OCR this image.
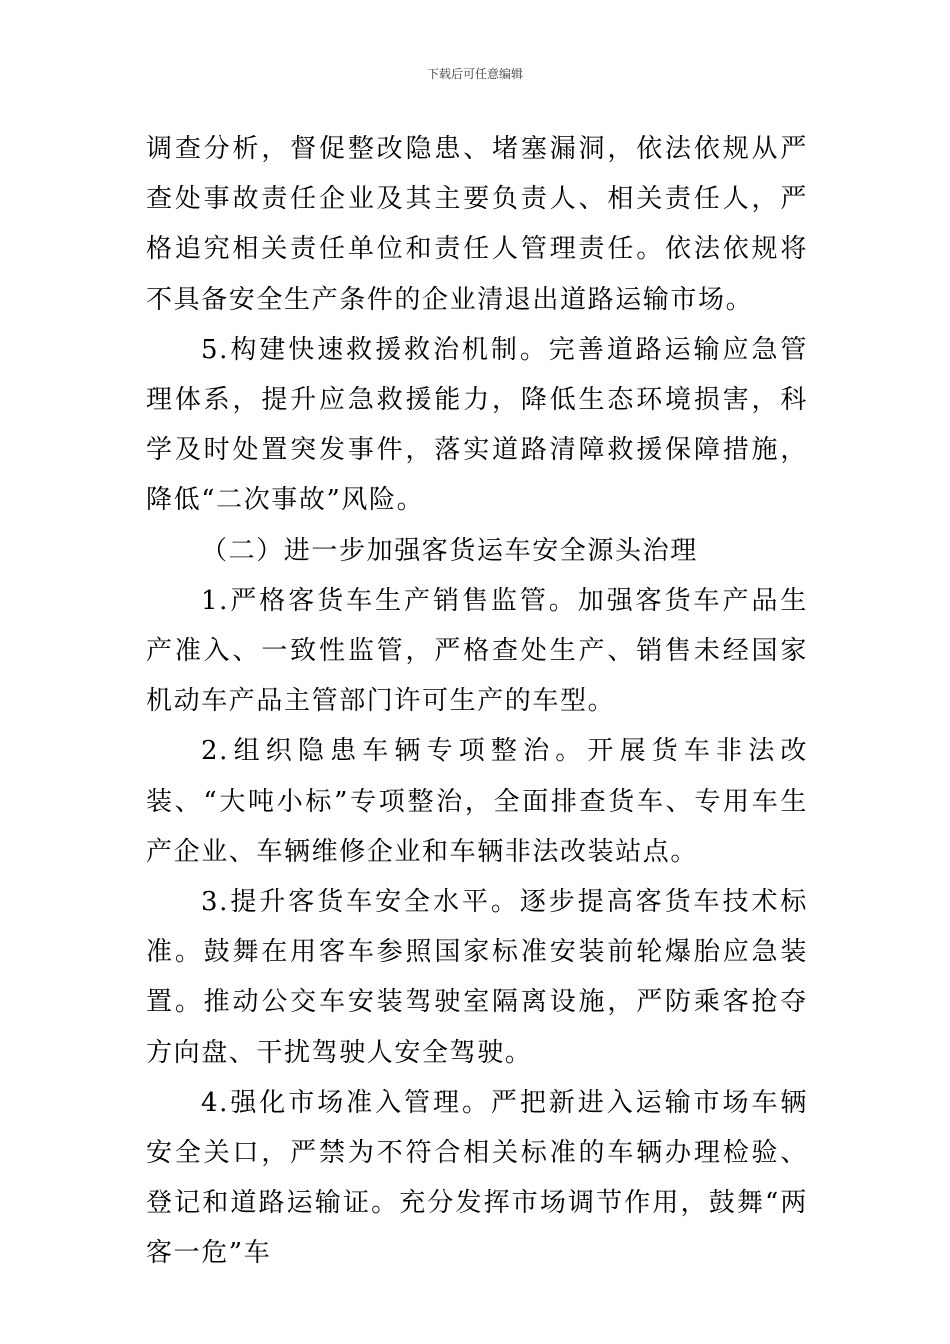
下载后可任意编辑

调查分析，督促整改隐患、堵塞漏洞，依法依规从严查处事故责任企业及其主要负责人、相关责任人，严格追究相关责任单位和责任人管理责任。依法依规将不具备安全生产条件的企业清退出道路运输市场。

5.构建快速救援救治机制。完善道路运输应急管理体系，提升应急救援能力，降低生态环境损害，科学及时处置突发事件，落实道路清障救援保障措施，降低“二次事故”风险。

（二）进一步加强客货运车安全源头治理

1.严格客货车生产销售监管。加强客货车产品生产准入、一致性监管，严格查处生产、销售未经国家机动车产品主管部门许可生产的车型。

2.组织隐患车辆专项整治。开展货车非法改装、“大吨小标”专项整治，全面排查货车、专用车生产企业、车辆维修企业和车辆非法改装站点。

3.提升客货车安全水平。逐步提高客货车技术标准。鼓舞在用客车参照国家标准安装前轮爆胎应急装置。推动公交车安装驾驶室隔离设施，严防乘客抢夺方向盘、干扰驾驶人安全驾驶。

4.强化市场准入管理。严把新进入运输市场车辆安全关口，严禁为不符合相关标准的车辆办理检验、登记和道路运输证。充分发挥市场调节作用，鼓舞“两客一危”车
